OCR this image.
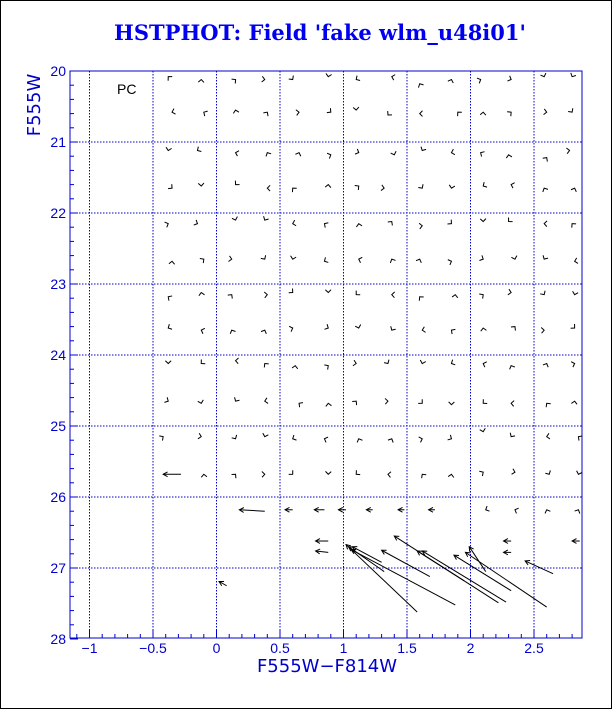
HSTPHOT: Field 'fake wlm_u48i01'
−1	−0.5	0	0.5	1	1.5	2	2.5
20
21
22
23
24
25
26
27
28
PC
F555W−F814W
F555W
